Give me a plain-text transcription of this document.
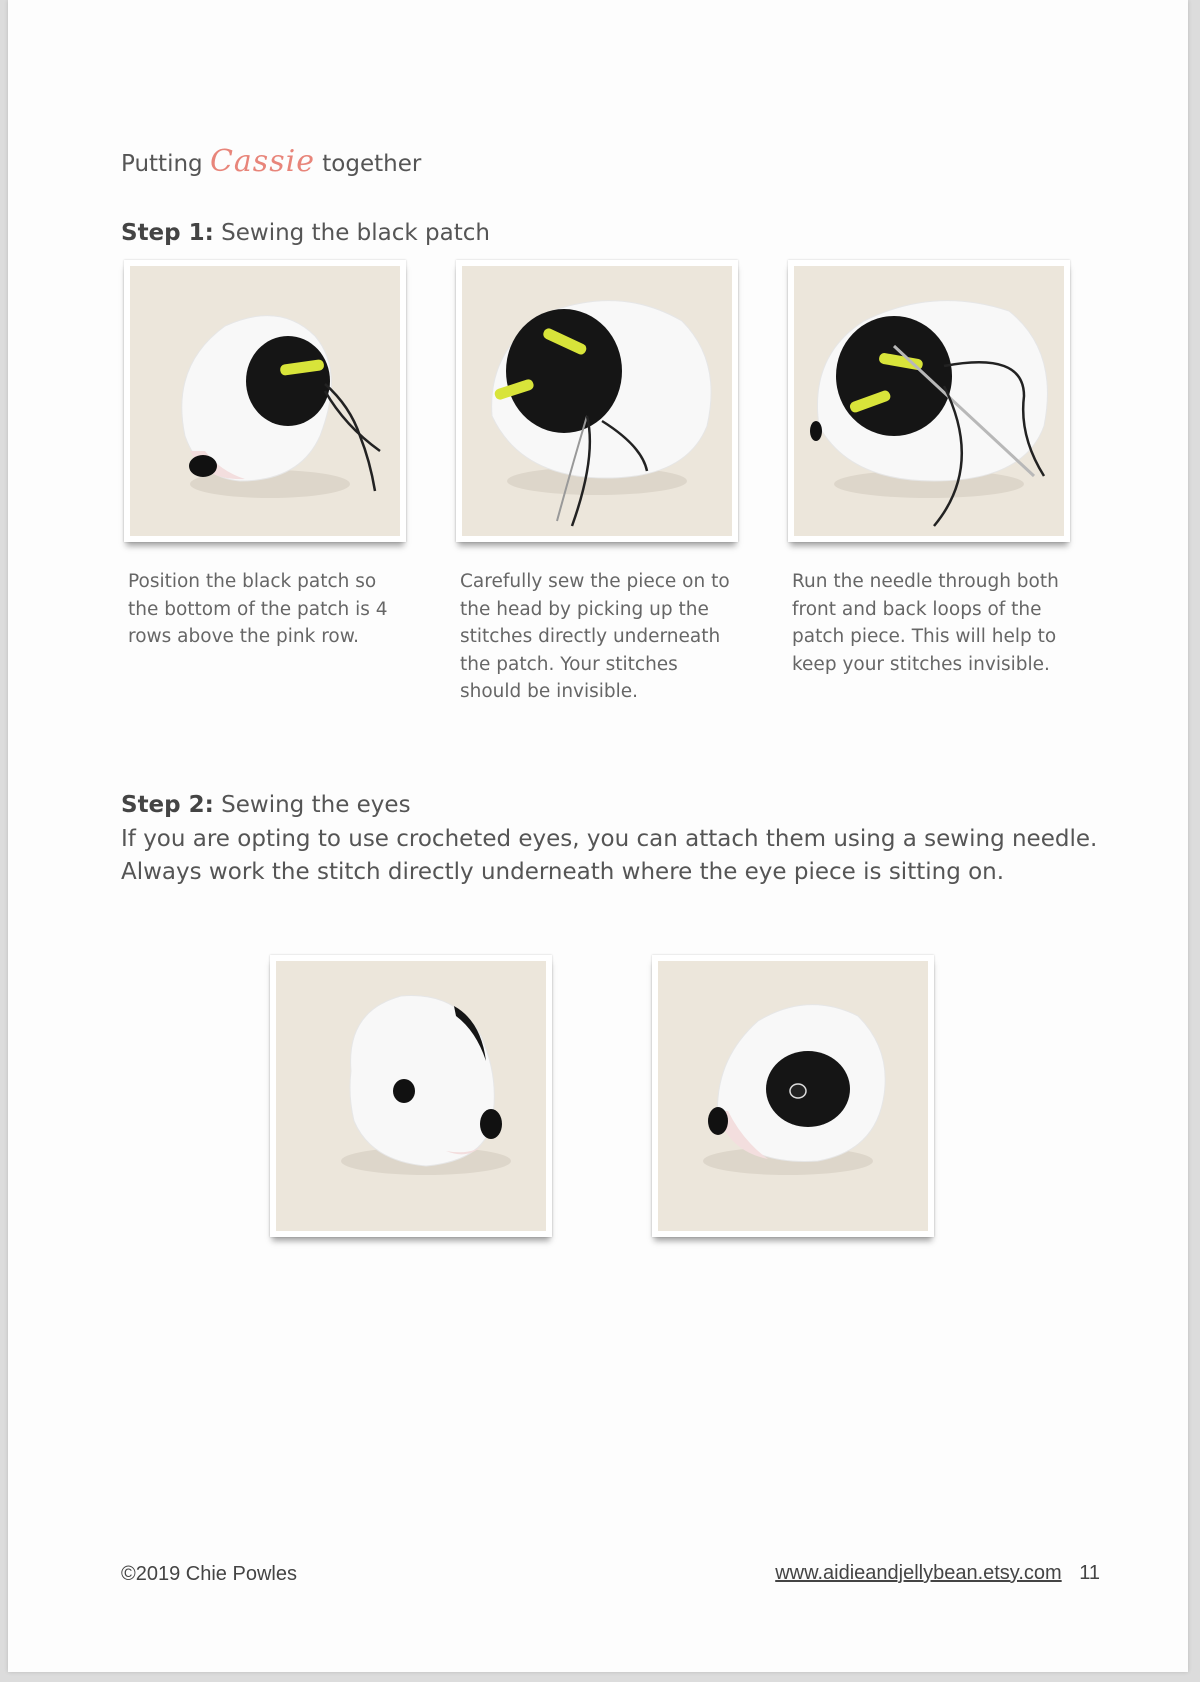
Putting Cassie together
Step 1: Sewing the black patch
Position the black patch so the bottom of the patch is 4 rows above the pink row.
Carefully sew the piece on to the head by picking up the stitches directly underneath the patch. Your stitches should be invisible.
Run the needle through both front and back loops of the patch piece. This will help to keep your stitches invisible.
Step 2: Sewing the eyes
If you are opting to use crocheted eyes, you can attach them using a sewing needle.
Always work the stitch directly underneath where the eye piece is sitting on.
©2019 Chie Powles	www.aidieandjellybean.etsy.com 11
